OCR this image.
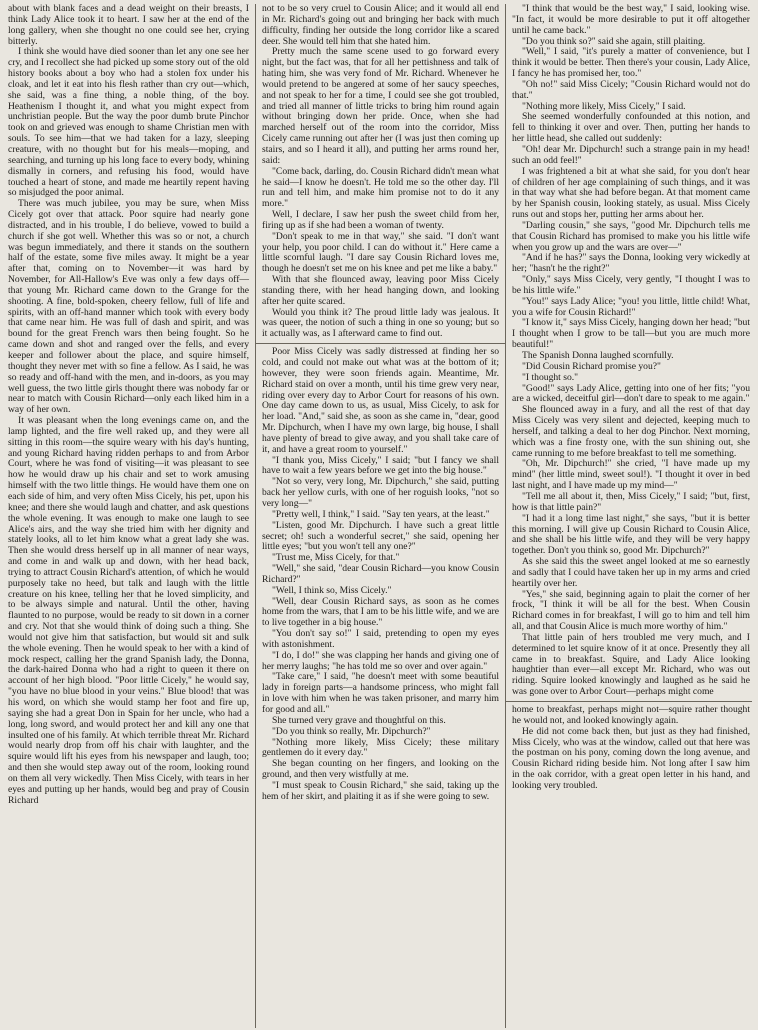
about with blank faces and a dead weight on their breasts, I think Lady Alice took it to heart. I saw her at the end of the long gallery, when she thought no one could see her, crying bitterly.

I think she would have died sooner than let any one see her cry, and I recollect she had picked up some story out of the old history books about a boy who had a stolen fox under his cloak, and let it eat into his flesh rather than cry out—which, she said, was a fine thing, a noble thing, of the boy. Heathenism I thought it, and what you might expect from unchristian people. But the way the poor dumb brute Pinchor took on and grieved was enough to shame Christian men with souls. To see him—that we had taken for a lazy, sleeping creature, with no thought but for his meals—moping, and searching, and turning up his long face to every body, whining dismally in corners, and refusing his food, would have touched a heart of stone, and made me heartily repent having so misjudged the poor animal.

There was much jubilee, you may be sure, when Miss Cicely got over that attack. Poor squire had nearly gone distracted, and in his trouble, I do believe, vowed to build a church if she got well. Whether this was so or not, a church was begun immediately, and there it stands on the southern half of the estate, some five miles away. It might be a year after that, coming on to November—it was hard by November, for All-Hallow's Eve was only a few days off—that young Mr. Richard came down to the Grange for the shooting. A fine, bold-spoken, cheery fellow, full of life and spirits, with an off-hand manner which took with every body that came near him. He was full of dash and spirit, and was bound for the great French wars then being fought. So he came down and shot and ranged over the fells, and every keeper and follower about the place, and squire himself, thought they never met with so fine a fellow. As I said, he was so ready and off-hand with the men, and in-doors, as you may well guess, the two little girls thought there was nobody far or near to match with Cousin Richard—only each liked him in a way of her own.

It was pleasant when the long evenings came on, and the lamp lighted, and the fire well raked up, and they were all sitting in this room—the squire weary with his day's hunting, and young Richard having ridden perhaps to and from Arbor Court, where he was fond of visiting—it was pleasant to see how he would draw up his chair and set to work amusing himself with the two little things. He would have them one on each side of him, and very often Miss Cicely, his pet, upon his knee; and there she would laugh and chatter, and ask questions the whole evening. It was enough to make one laugh to see Alice's airs, and the way she tried him with her dignity and stately looks, all to let him know what a great lady she was. Then she would dress herself up in all manner of near ways, and come in and walk up and down, with her head back, trying to attract Cousin Richard's attention, of which he would purposely take no heed, but talk and laugh with the little creature on his knee, telling her that he loved simplicity, and to be always simple and natural. Until the other, having flaunted to no purpose, would be ready to sit down in a corner and cry. Not that she would think of doing such a thing. She would not give him that satisfaction, but would sit and sulk the whole evening. Then he would speak to her with a kind of mock respect, calling her the grand Spanish lady, the Donna, the dark-haired Donna who had a right to queen it there on account of her high blood. "Poor little Cicely," he would say, "you have no blue blood in your veins." Blue blood! that was his word, on which she would stamp her foot and fire up, saying she had a great Don in Spain for her uncle, who had a long, long sword, and would protect her and kill any one that insulted one of his family. At which terrible threat Mr. Richard would nearly drop from off his chair with laughter, and the squire would lift his eyes from his newspaper and laugh, too; and then she would step away out of the room, looking round on them all very wickedly. Then Miss Cicely, with tears in her eyes and putting up her hands, would beg and pray of Cousin Richard

not to be so very cruel to Cousin Alice; and it would all end in Mr. Richard's going out and bringing her back with much difficulty, finding her outside the long corridor like a scared deer. She would tell him that she hated him.

Pretty much the same scene used to go forward every night, but the fact was, that for all her pettishness and talk of hating him, she was very fond of Mr. Richard. Whenever he would pretend to be angered at some of her saucy speeches, and not speak to her for a time, I could see she got troubled, and tried all manner of little tricks to bring him round again without bringing down her pride. Once, when she had marched herself out of the room into the corridor, Miss Cicely came running out after her (I was just then coming up stairs, and so I heard it all), and putting her arms round her, said:

"Come back, darling, do. Cousin Richard didn't mean what he said—I know he doesn't. He told me so the other day. I'll run and tell him, and make him promise not to do it any more."

Well, I declare, I saw her push the sweet child from her, firing up as if she had been a woman of twenty.

"Don't speak to me in that way," she said. "I don't want your help, you poor child. I can do without it." Here came a little scornful laugh. "I dare say Cousin Richard loves me, though he doesn't set me on his knee and pet me like a baby."

With that she flounced away, leaving poor Miss Cicely standing there, with her head hanging down, and looking after her quite scared.

Would you think it? The proud little lady was jealous. It was queer, the notion of such a thing in one so young; but so it actually was, as I afterward came to find out.

Poor Miss Cicely was sadly distressed at finding her so cold, and could not make out what was at the bottom of it; however, they were soon friends again. Meantime, Mr. Richard staid on over a month, until his time grew very near, riding over every day to Arbor Court for reasons of his own. One day came down to us, as usual, Miss Cicely, to ask for her load. "And," said she, as soon as she came in, "dear, good Mr. Dipchurch, when I have my own large, big house, I shall have plenty of bread to give away, and you shall take care of it, and have a great room to yourself."

"I thank you, Miss Cicely," I said; "but I fancy we shall have to wait a few years before we get into the big house."

"Not so very, very long, Mr. Dipchurch," she said, putting back her yellow curls, with one of her roguish looks, "not so very long—"

"Pretty well, I think," I said. "Say ten years, at the least."

"Listen, good Mr. Dipchurch. I have such a great little secret; oh! such a wonderful secret," she said, opening her little eyes; "but you won't tell any one?"

"Trust me, Miss Cicely, for that."

"Well," she said, "dear Cousin Richard—you know Cousin Richard?"

"Well, I think so, Miss Cicely."

"Well, dear Cousin Richard says, as soon as he comes home from the wars, that I am to be his little wife, and we are to live together in a big house."

"You don't say so!" I said, pretending to open my eyes with astonishment.

"I do, I do!" she was clapping her hands and giving one of her merry laughs; "he has told me so over and over again."

"Take care," I said, "he doesn't meet with some beautiful lady in foreign parts—a handsome princess, who might fall in love with him when he was taken prisoner, and marry him for good and all."

She turned very grave and thoughtful on this.

"Do you think so really, Mr. Dipchurch?"

"Nothing more likely, Miss Cicely; these military gentlemen do it every day."

She began counting on her fingers, and looking on the ground, and then very wistfully at me.

"I must speak to Cousin Richard," she said, taking up the hem of her skirt, and plaiting it as if she were going to sew.

"I think that would be the best way," I said, looking wise. "In fact, it would be more desirable to put it off altogether until he came back."

"Do you think so?" said she again, still plaiting.

"Well," I said, "it's purely a matter of convenience, but I think it would be better. Then there's your cousin, Lady Alice, I fancy he has promised her, too."

"Oh no!" said Miss Cicely; "Cousin Richard would not do that."

"Nothing more likely, Miss Cicely," I said.

She seemed wonderfully confounded at this notion, and fell to thinking it over and over. Then, putting her hands to her little head, she called out suddenly:

"Oh! dear Mr. Dipchurch! such a strange pain in my head! such an odd feel!"

I was frightened a bit at what she said, for you don't hear of children of her age complaining of such things, and it was in that way what she had before began. At that moment came by her Spanish cousin, looking stately, as usual. Miss Cicely runs out and stops her, putting her arms about her.

"Darling cousin," she says, "good Mr. Dipchurch tells me that Cousin Richard has promised to make you his little wife when you grow up and the wars are over—"

"And if he has?" says the Donna, looking very wickedly at her; "hasn't he the right?"

"Only," says Miss Cicely, very gently, "I thought I was to be his little wife."

"You!" says Lady Alice; "you! you little, little child! What, you a wife for Cousin Richard!"

"I know it," says Miss Cicely, hanging down her head; "but I thought when I grow to be tall—but you are much more beautiful!"

The Spanish Donna laughed scornfully.

"Did Cousin Richard promise you?"

"I thought so."

"Good!" says Lady Alice, getting into one of her fits; "you are a wicked, deceitful girl—don't dare to speak to me again."

She flounced away in a fury, and all the rest of that day Miss Cicely was very silent and dejected, keeping much to herself, and talking a deal to her dog Pinchor. Next morning, which was a fine frosty one, with the sun shining out, she came running to me before breakfast to tell me something.

"Oh, Mr. Dipchurch!" she cried, "I have made up my mind" (her little mind, sweet soul!). "I thought it over in bed last night, and I have made up my mind—"

"Tell me all about it, then, Miss Cicely," I said; "but, first, how is that little pain?"

"I had it a long time last night," she says, "but it is better this morning. I will give up Cousin Richard to Cousin Alice, and she shall be his little wife, and they will be very happy together. Don't you think so, good Mr. Dipchurch?"

As she said this the sweet angel looked at me so earnestly and sadly that I could have taken her up in my arms and cried heartily over her.

"Yes," she said, beginning again to plait the corner of her frock, "I think it will be all for the best. When Cousin Richard comes in for breakfast, I will go to him and tell him all, and that Cousin Alice is much more worthy of him."

That little pain of hers troubled me very much, and I determined to let squire know of it at once. Presently they all came in to breakfast. Squire, and Lady Alice looking haughtier than ever—all except Mr. Richard, who was out riding. Squire looked knowingly and laughed as he said he was gone over to Arbor Court—perhaps might come

home to breakfast, perhaps might not—squire rather thought he would not, and looked knowingly again.

He did not come back then, but just as they had finished, Miss Cicely, who was at the window, called out that here was the postman on his pony, coming down the long avenue, and Cousin Richard riding beside him. Not long after I saw him in the oak corridor, with a great open letter in his hand, and looking very troubled.
